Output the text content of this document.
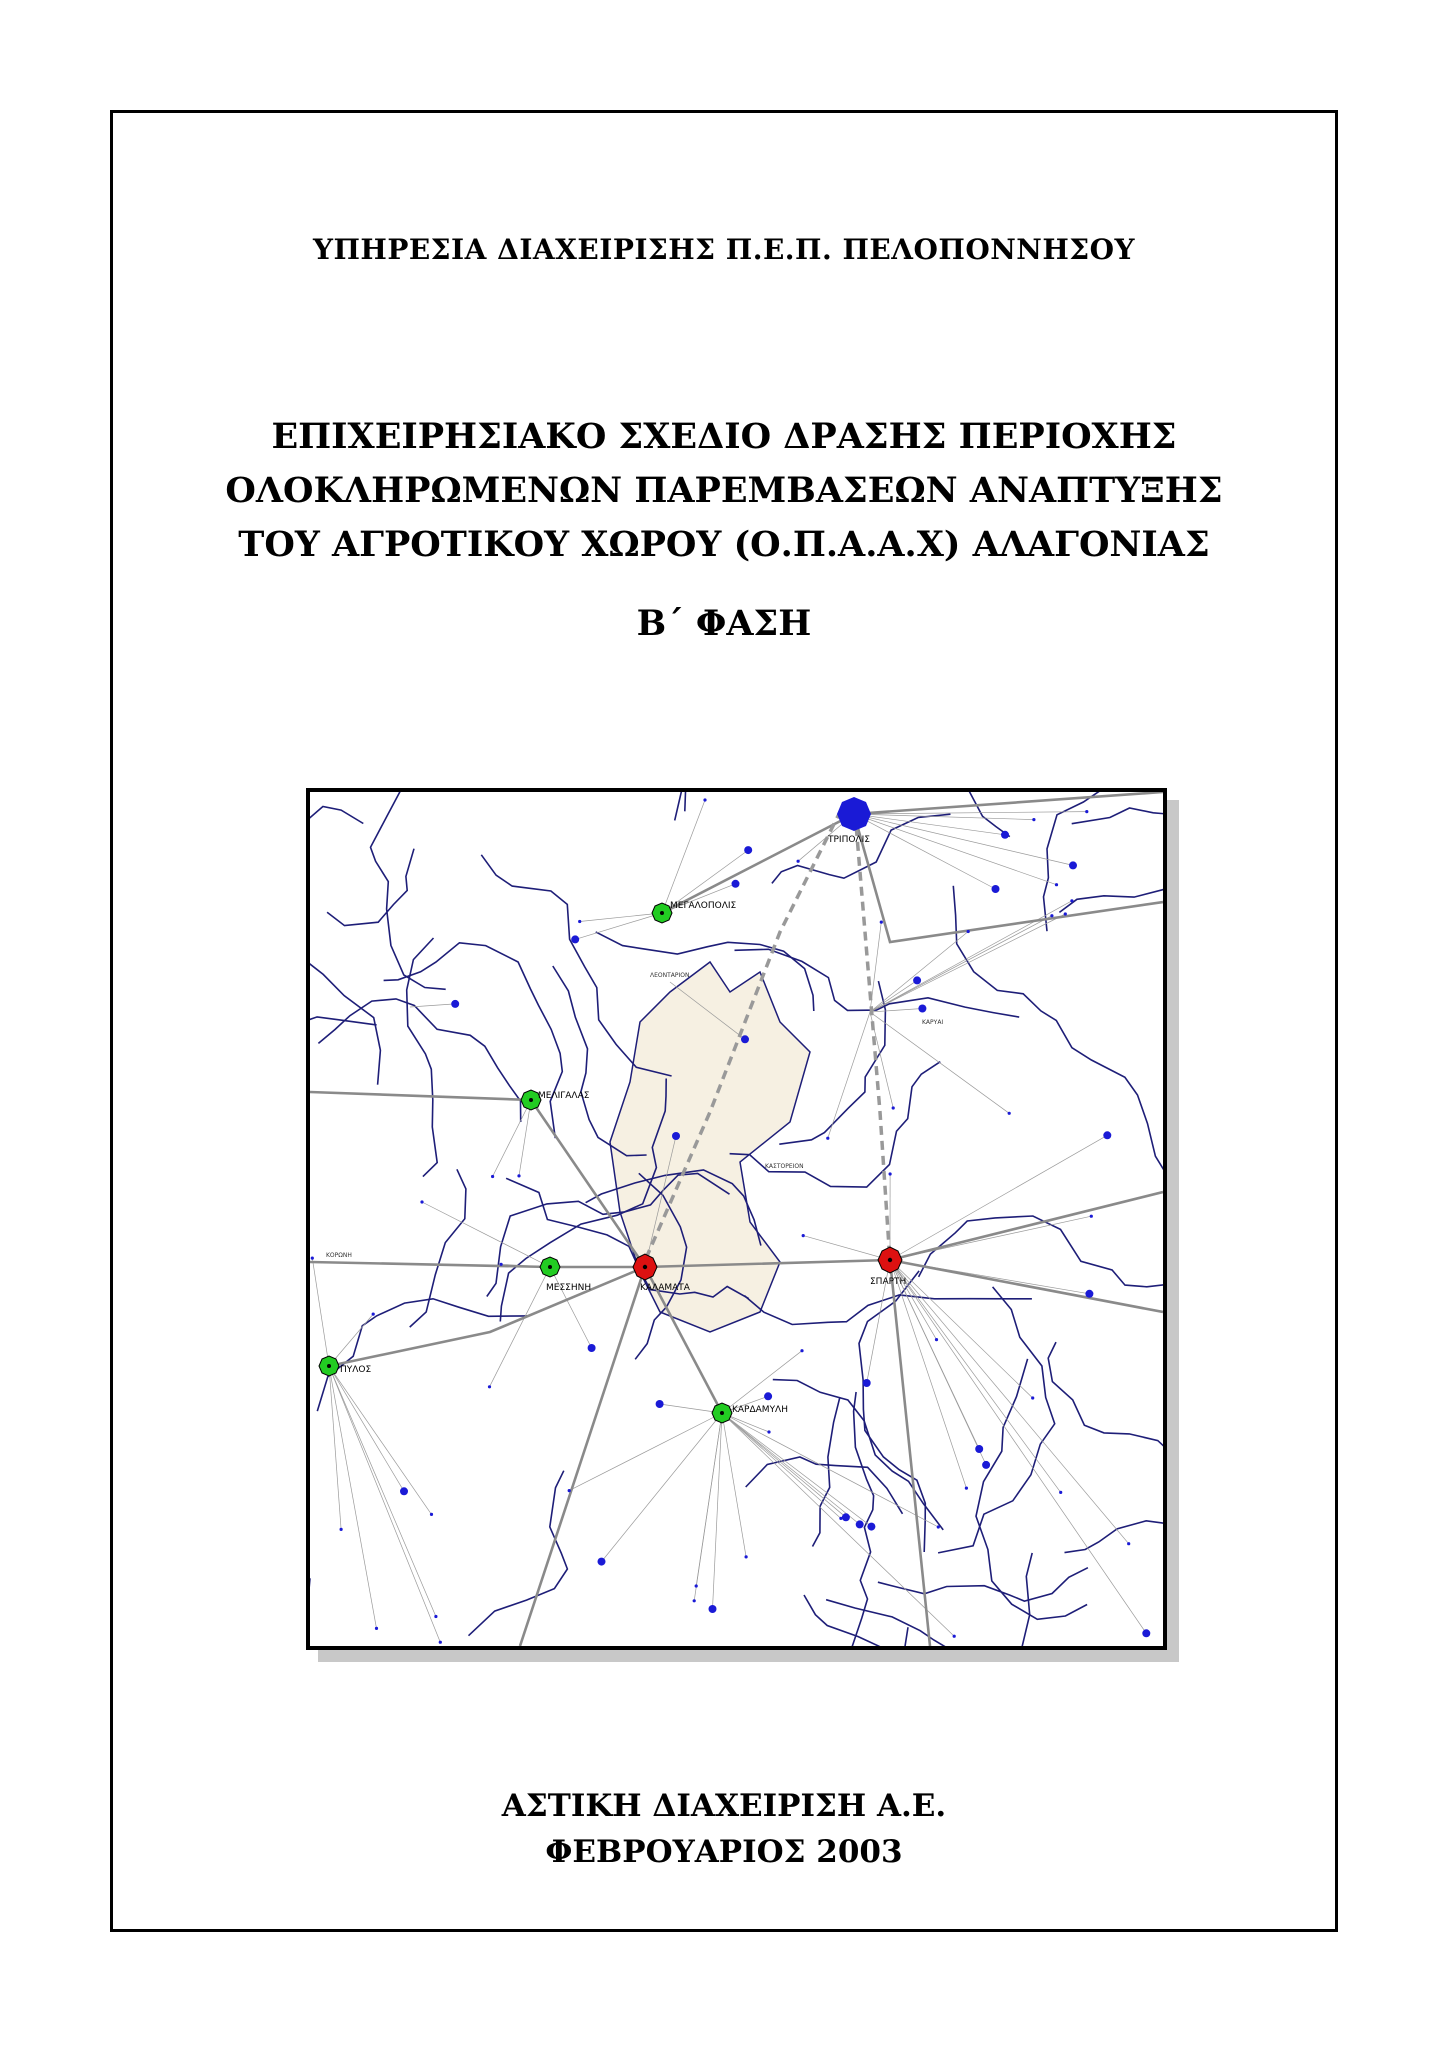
ΥΠΗΡΕΣΙΑ ΔΙΑΧΕΙΡΙΣΗΣ Π.Ε.Π. ΠΕΛΟΠΟΝΝΗΣΟΥ
ΕΠΙΧΕΙΡΗΣΙΑΚΟ ΣΧΕΔΙΟ ΔΡΑΣΗΣ ΠΕΡΙΟΧΗΣ
ΟΛΟΚΛΗΡΩΜΕΝΩΝ ΠΑΡΕΜΒΑΣΕΩΝ ΑΝΑΠΤΥΞΗΣ
ΤΟΥ ΑΓΡΟΤΙΚΟΥ ΧΩΡΟΥ (Ο.Π.Α.Α.Χ) ΑΛΑΓΟΝΙΑΣ
Β΄ ΦΑΣΗ
ΤΡΙΠΟΛΙΣ
ΜΕΓΑΛΟΠΟΛΙΣ
ΜΕΛΙΓΑΛΑΣ
ΜΕΣΣΗΝΗ	ΚΑΛΑΜΑΤΑ
ΣΠΑΡΤΗ
ΠΥΛΟΣ
ΚΑΡΔΑΜΥΛΗ
ΛΕΟΝΤΑΡΙΟΝ
ΚΑΣΤΟΡΕΙΟΝ
ΚΑΡΥΑΙ
ΚΟΡΩΝΗ
ΑΣΤΙΚΗ ΔΙΑΧΕΙΡΙΣΗ Α.Ε.
ΦΕΒΡΟΥΑΡΙΟΣ 2003
